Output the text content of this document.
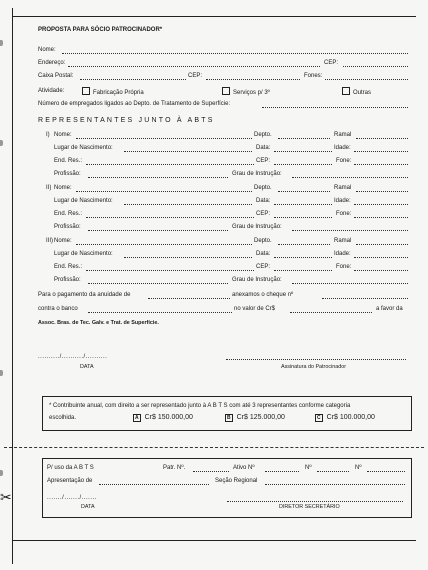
PROPOSTA PARA SÓCIO PATROCINADOR*
Nome:
Endereço:	CEP:
Caixa Postal:	CEP:	Fones:
Atividade:	Fabricação Própria	Serviços p/ 3º	Outras
Número de empregados ligados ao Depto. de Tratamento de Superfície:
REPRESENTANTES JUNTO À ABTS
I) Nome:	Depto.	Ramal
Lugar de Nascimento:	Data:	Idade:
End. Res.:	CEP:	Fone:
Profissão:	Grau de Instrução:
II) Nome:	Depto.	Ramal
Lugar de Nascimento:	Data:	Idade:
End. Res.:	CEP:	Fone:
Profissão:	Grau de Instrução:
III) Nome:	Depto.	Ramal
Lugar de Nascimento:	Data:	Idade:
End. Res.:	CEP:	Fone:
Profissão:	Grau de Instrução:
Para o pagamento da anuidade de	anexamos o cheque nº
contra o banco	no valor de Cr$	a favor da
Assoc. Bras. de Tec. Galv. e Trat. de Superfície.
........../........../..........
DATA	Assinatura do Patrocinador
* Contribuinte anual, com direito a ser representado junto à A B T S com até 3 representantes conforme categoria
escolhida.	A Cr$ 150.000,00	B Cr$ 125.000,00	C Cr$ 100.000,00
✂
P/ uso da A B T S	Patr. Nº.	Ativo Nº	Nº	Nº
Apresentação de	Seção Regional
......./......./.......
DATA	DIRETOR SECRETÁRIO
